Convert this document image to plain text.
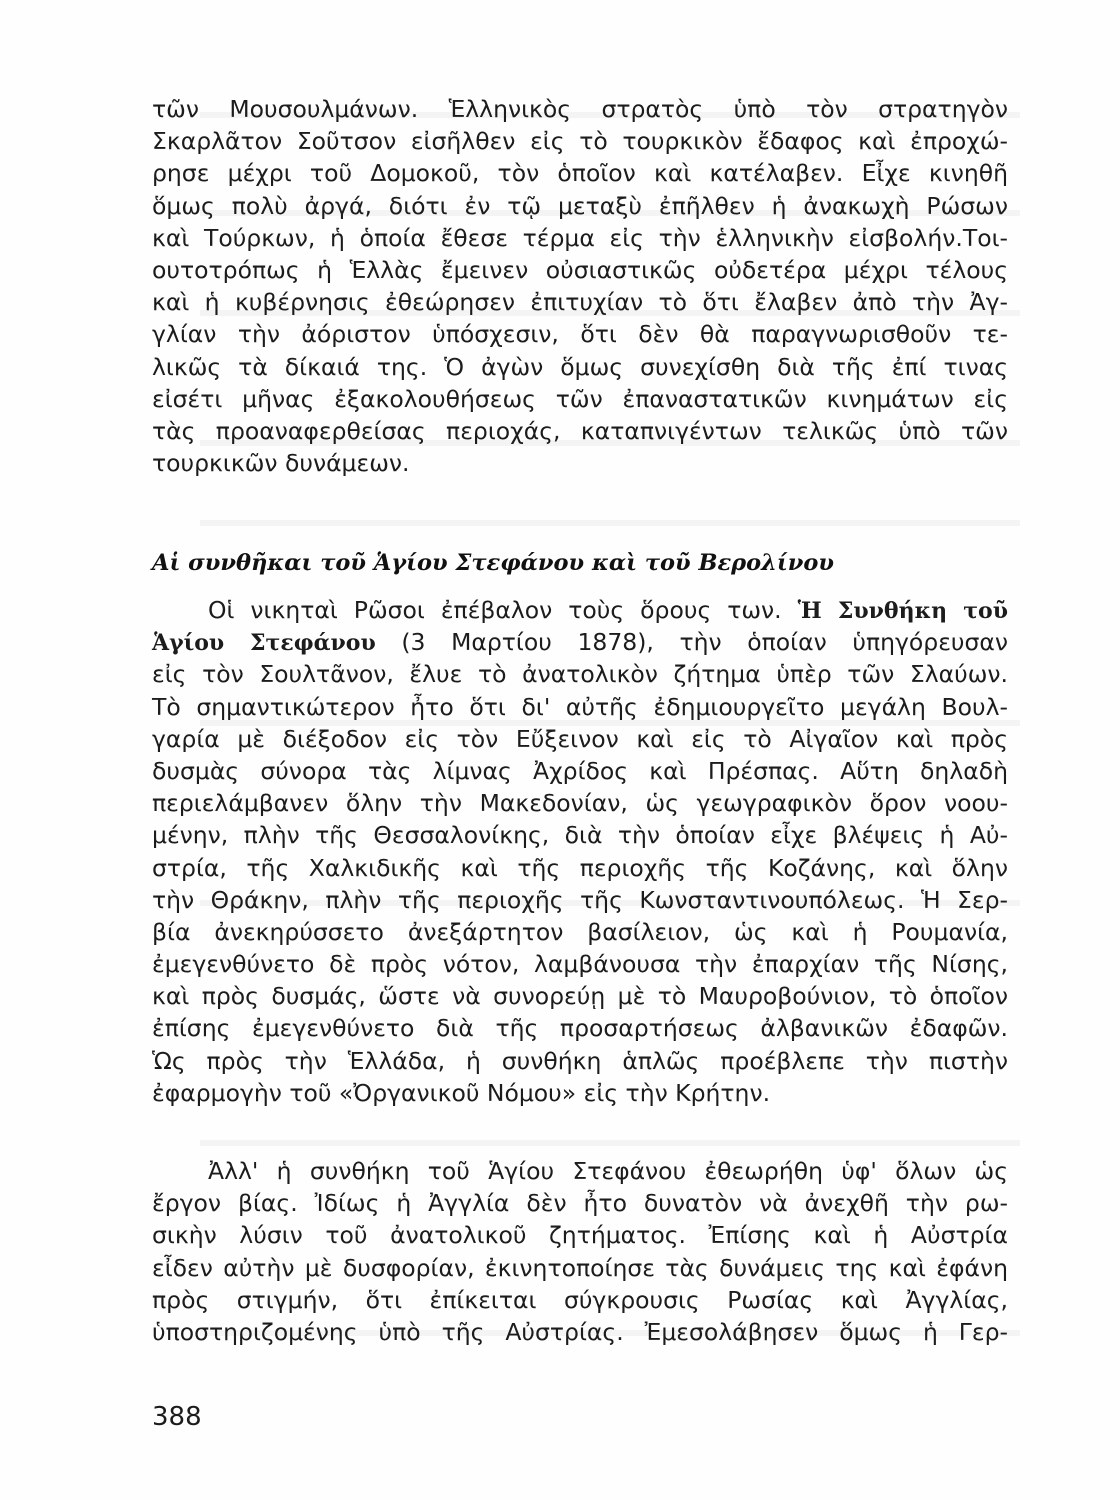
τῶν Μουσουλμάνων. Ἑλληνικὸς στρατὸς ὑπὸ τὸν στρατηγὸν
Σκαρλᾶτον Σοῦτσον εἰσῆλθεν εἰς τὸ τουρκικὸν ἔδαφος καὶ ἐπροχώ-
ρησε μέχρι τοῦ Δομοκοῦ, τὸν ὁποῖον καὶ κατέλαβεν. Εἶχε κινηθῆ
ὅμως πολὺ ἀργά, διότι ἐν τῷ μεταξὺ ἐπῆλθεν ἡ ἀνακωχὴ Ρώσων
καὶ Τούρκων, ἡ ὁποία ἔθεσε τέρμα εἰς τὴν ἑλληνικὴν εἰσβολήν.Τοι-
ουτοτρόπως ἡ Ἑλλὰς ἔμεινεν οὐσιαστικῶς οὐδετέρα μέχρι τέλους
καὶ ἡ κυβέρνησις ἐθεώρησεν ἐπιτυχίαν τὸ ὅτι ἔλαβεν ἀπὸ τὴν Ἀγ-
γλίαν τὴν ἀόριστον ὑπόσχεσιν, ὅτι δὲν θὰ παραγνωρισθοῦν τε-
λικῶς τὰ δίκαιά της. Ὁ ἀγὼν ὅμως συνεχίσθη διὰ τῆς ἐπί τινας
εἰσέτι μῆνας ἐξακολουθήσεως τῶν ἐπαναστατικῶν κινημάτων εἰς
τὰς προαναφερθείσας περιοχάς, καταπνιγέντων τελικῶς ὑπὸ τῶν
τουρκικῶν δυνάμεων.
Αἱ συνθῆκαι τοῦ Ἁγίου Στεφάνου καὶ τοῦ Βερολίνου
Οἱ νικηταὶ Ρῶσοι ἐπέβαλον τοὺς ὅρους των. Ἡ Συνθήκη τοῦ
Ἁγίου Στεφάνου (3 Μαρτίου 1878), τὴν ὁποίαν ὑπηγόρευσαν
εἰς τὸν Σουλτᾶνον, ἔλυε τὸ ἀνατολικὸν ζήτημα ὑπὲρ τῶν Σλαύων.
Τὸ σημαντικώτερον ἦτο ὅτι δι' αὐτῆς ἐδημιουργεῖτο μεγάλη Βουλ-
γαρία μὲ διέξοδον εἰς τὸν Εὔξεινον καὶ εἰς τὸ Αἰγαῖον καὶ πρὸς
δυσμὰς σύνορα τὰς λίμνας Ἀχρίδος καὶ Πρέσπας. Αὕτη δηλαδὴ
περιελάμβανεν ὅλην τὴν Μακεδονίαν, ὡς γεωγραφικὸν ὅρον νοου-
μένην, πλὴν τῆς Θεσσαλονίκης, διὰ τὴν ὁποίαν εἶχε βλέψεις ἡ Αὐ-
στρία, τῆς Χαλκιδικῆς καὶ τῆς περιοχῆς τῆς Κοζάνης, καὶ ὅλην
τὴν Θράκην, πλὴν τῆς περιοχῆς τῆς Κωνσταντινουπόλεως. Ἡ Σερ-
βία ἀνεκηρύσσετο ἀνεξάρτητον βασίλειον, ὡς καὶ ἡ Ρουμανία,
ἐμεγενθύνετο δὲ πρὸς νότον, λαμβάνουσα τὴν ἐπαρχίαν τῆς Νίσης,
καὶ πρὸς δυσμάς, ὥστε νὰ συνορεύῃ μὲ τὸ Μαυροβούνιον, τὸ ὁποῖον
ἐπίσης ἐμεγενθύνετο διὰ τῆς προσαρτήσεως ἀλβανικῶν ἐδαφῶν.
Ὡς πρὸς τὴν Ἑλλάδα, ἡ συνθήκη ἁπλῶς προέβλεπε τὴν πιστὴν
ἐφαρμογὴν τοῦ «Ὀργανικοῦ Νόμου» εἰς τὴν Κρήτην.
Ἀλλ' ἡ συνθήκη τοῦ Ἁγίου Στεφάνου ἐθεωρήθη ὑφ' ὅλων ὡς
ἔργον βίας. Ἰδίως ἡ Ἀγγλία δὲν ἦτο δυνατὸν νὰ ἀνεχθῆ τὴν ρω-
σικὴν λύσιν τοῦ ἀνατολικοῦ ζητήματος. Ἐπίσης καὶ ἡ Αὐστρία
εἶδεν αὐτὴν μὲ δυσφορίαν, ἐκινητοποίησε τὰς δυνάμεις της καὶ ἐφάνη
πρὸς στιγμήν, ὅτι ἐπίκειται σύγκρουσις Ρωσίας καὶ Ἀγγλίας,
ὑποστηριζομένης ὑπὸ τῆς Αὐστρίας. Ἐμεσολάβησεν ὅμως ἡ Γερ-
388
